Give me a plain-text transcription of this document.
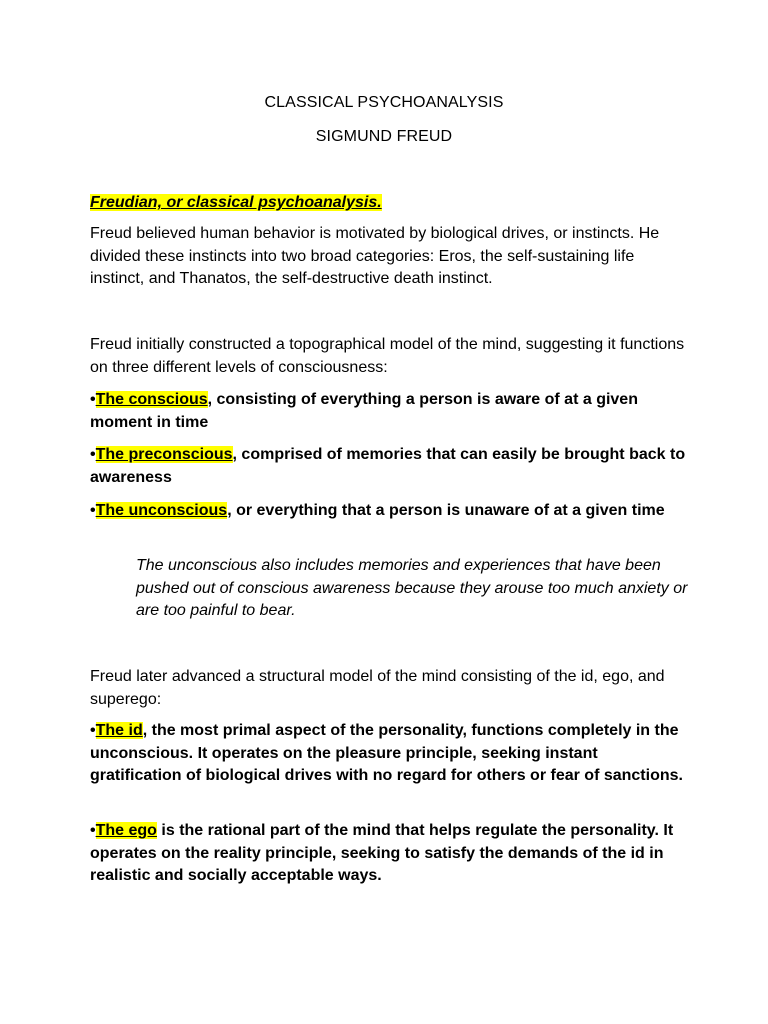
CLASSICAL PSYCHOANALYSIS
SIGMUND FREUD
Freudian, or classical psychoanalysis.
Freud believed human behavior is motivated by biological drives, or instincts. He divided these instincts into two broad categories: Eros, the self-sustaining life instinct, and Thanatos, the self-destructive death instinct.
Freud initially constructed a topographical model of the mind, suggesting it functions on three different levels of consciousness:
•The conscious, consisting of everything a person is aware of at a given moment in time
•The preconscious, comprised of memories that can easily be brought back to awareness
•The unconscious, or everything that a person is unaware of at a given time
The unconscious also includes memories and experiences that have been pushed out of conscious awareness because they arouse too much anxiety or are too painful to bear.
Freud later advanced a structural model of the mind consisting of the id, ego, and superego:
•The id, the most primal aspect of the personality, functions completely in the unconscious. It operates on the pleasure principle, seeking instant gratification of biological drives with no regard for others or fear of sanctions.
•The ego is the rational part of the mind that helps regulate the personality. It operates on the reality principle, seeking to satisfy the demands of the id in realistic and socially acceptable ways.
